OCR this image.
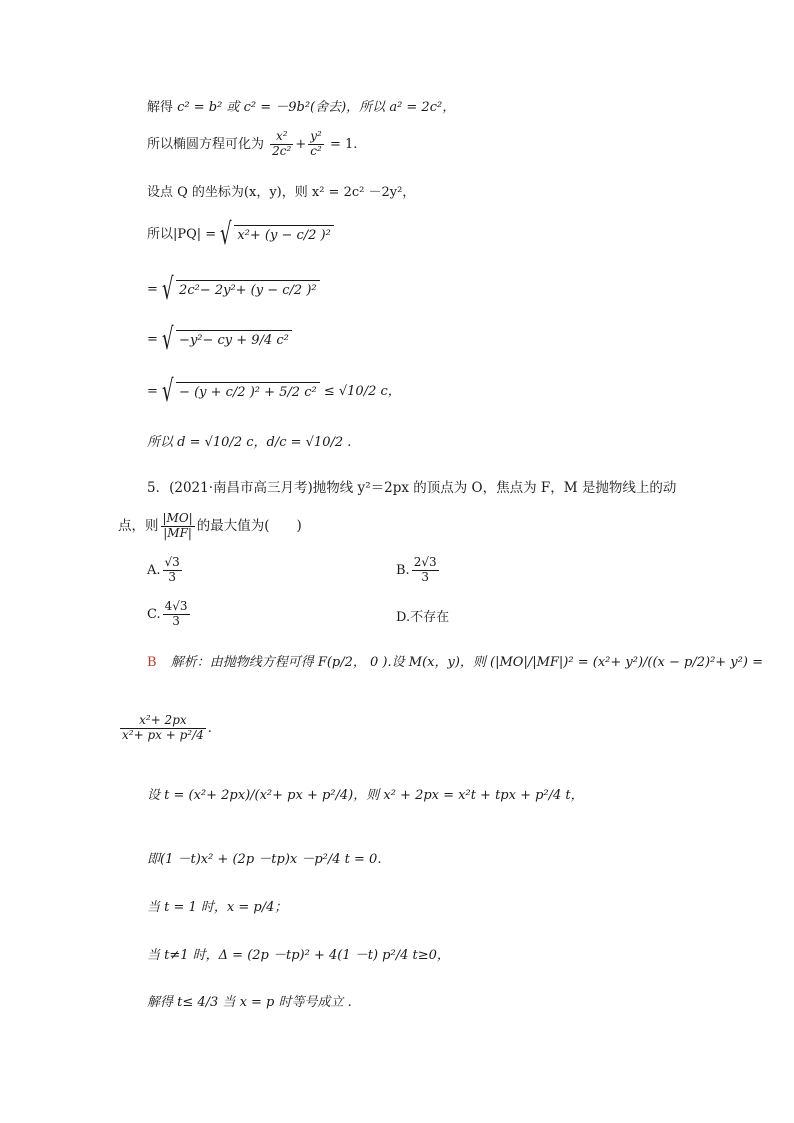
解得 c² = b² 或 c² = －9b²(舍去)，所以 a² = 2c²，
所以椭圆方程可化为 $\frac{\text{x²}}{\text{2c²}} + \frac{\text{y²}}{\text{c²}} = 1$.
设点 Q 的坐标为(x，y)，则 x² = 2c² －2y²，
所以|PQ| = √ x²+ (y − c/2 )²
= √ 2c²− 2y²+ (y − c/2 )²
= √ −y²− cy + 9/4 c²
= √ − (y + c/2 )² + 5/2 c² ≤ √10/2 c，
所以 d = √10/2 c，d/c = √10/2 .
5．(2021·南昌市高三月考)抛物线 y²＝2px 的顶点为 O，焦点为 F，M 是抛物线上的动
点，则 $\frac{|MO|}{|MF|}$ 的最大值为(　　)
A. $\frac{√3}{3}$	B. $\frac{2√3}{3}$
C. $\frac{4√3}{3}$	D.不存在
B 解析：由抛物线方程可得 F(p/2， 0 ).设 M(x，y)，则 (|MO|/|MF|)² = (x²+ y²)/((x − p/2)²+ y²) =
$\frac{\text{x²+ 2px}}{\text{x²+ px + p²/4}}$ .
设 t = (x²+ 2px)/(x²+ px + p²/4)，则 x² + 2px = x²t + tpx + p²/4 t，
即(1 －t)x² + (2p －tp)x －p²/4 t = 0.
当 t = 1 时，x = p/4；
当 t≠1 时，Δ = (2p －tp)² + 4(1 －t) p²/4 t≥0，
解得 t≤ 4/3 当 x = p 时等号成立 .
